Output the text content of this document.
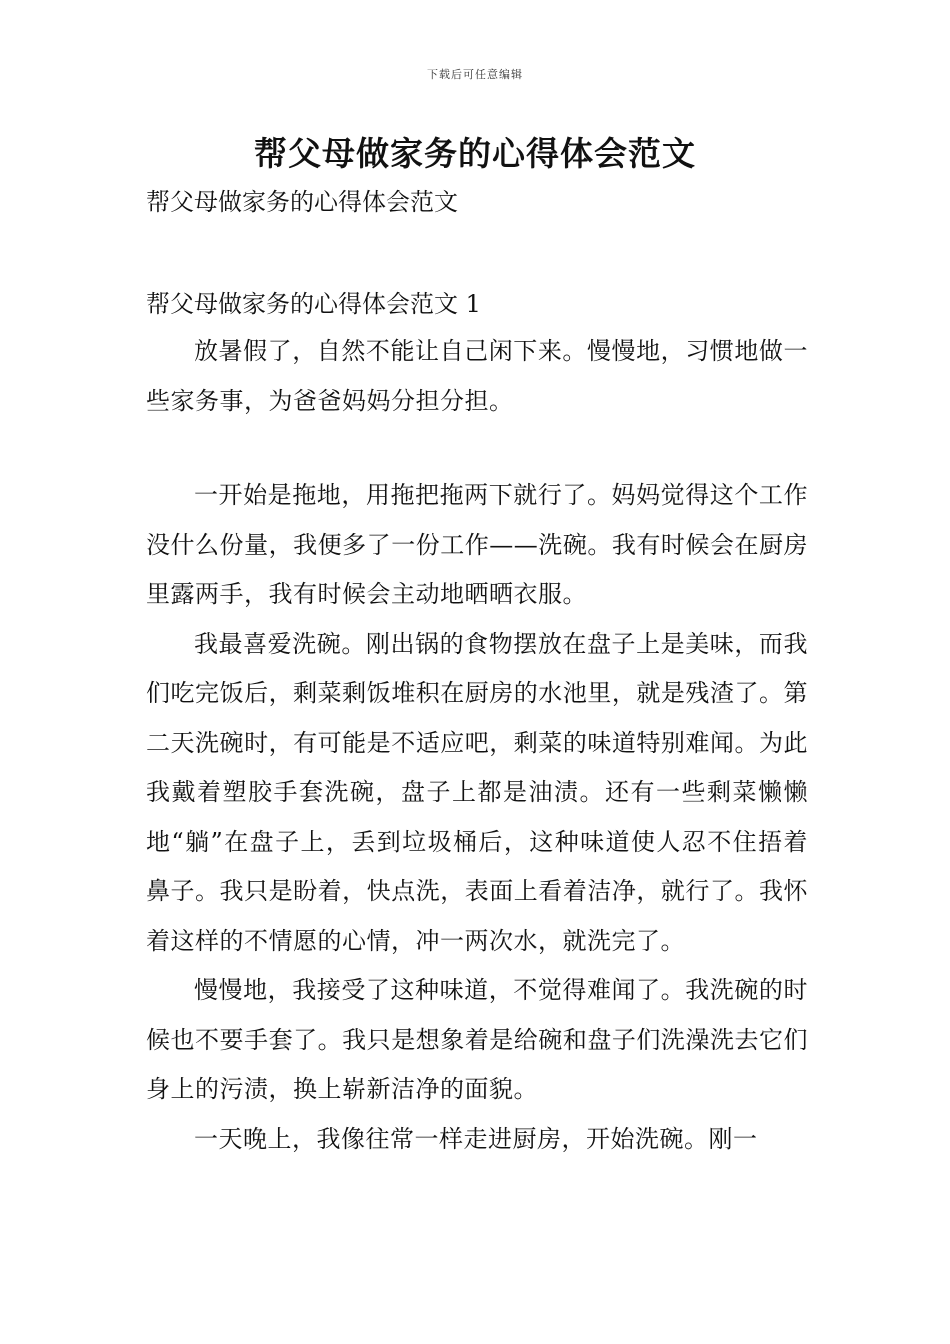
下载后可任意编辑
帮父母做家务的心得体会范文

帮父母做家务的心得体会范文

帮父母做家务的心得体会范文 1

放暑假了，自然不能让自己闲下来。慢慢地，习惯地做一些家务事，为爸爸妈妈分担分担。

一开始是拖地，用拖把拖两下就行了。妈妈觉得这个工作没什么份量，我便多了一份工作——洗碗。我有时候会在厨房里露两手，我有时候会主动地晒晒衣服。

我最喜爱洗碗。刚出锅的食物摆放在盘子上是美味，而我们吃完饭后，剩菜剩饭堆积在厨房的水池里，就是残渣了。第二天洗碗时，有可能是不适应吧，剩菜的味道特别难闻。为此我戴着塑胶手套洗碗，盘子上都是油渍。还有一些剩菜懒懒地“躺”在盘子上，丢到垃圾桶后，这种味道使人忍不住捂着鼻子。我只是盼着，快点洗，表面上看着洁净，就行了。我怀着这样的不情愿的心情，冲一两次水，就洗完了。

慢慢地，我接受了这种味道，不觉得难闻了。我洗碗的时候也不要手套了。我只是想象着是给碗和盘子们洗澡洗去它们身上的污渍，换上崭新洁净的面貌。

一天晚上，我像往常一样走进厨房，开始洗碗。刚一
